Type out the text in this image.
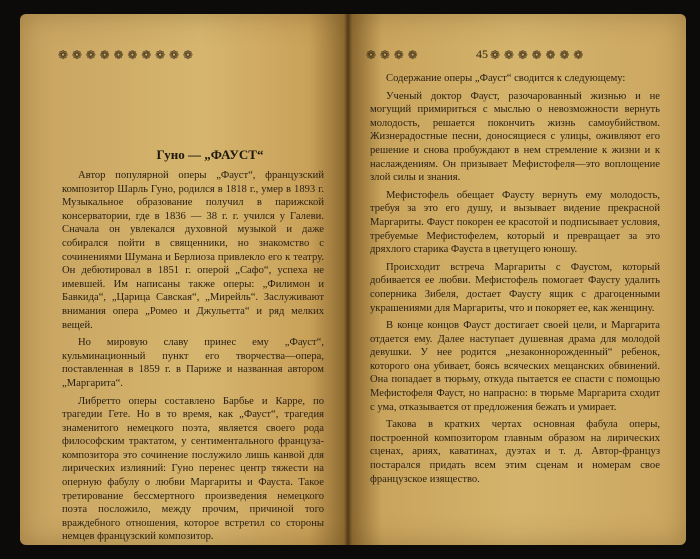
❁ ❁ ❁ ❁ ❁ ❁ ❁ ❁ ❁ ❁
Гуно — „ФАУСТ“

Автор популярной оперы „Фауст“, французский композитор Шарль Гуно, родился в 1818 г., умер в 1893 г. Музыкальное образование получил в парижской консерватории, где в 1836 — 38 г. г. учился у Галеви. Сначала он увлекался духовной музыкой и даже собирался пойти в священники, но знакомство с сочинениями Шумана и Берлиоза привлекло его к театру. Он дебютировал в 1851 г. оперой „Сафо“, успеха не имевшей. Им написаны также оперы: „Филимон и Бавкида“, „Царица Савская“, „Мирейль“. Заслуживают внимания опера „Ромео и Джульетта“ и ряд мелких вещей.

Но мировую славу принес ему „Фауст“, кульминационный пункт его творчества—опера, поставленная в 1859 г. в Париже и названная автором „Маргарита“.

Либретто оперы составлено Барбье и Карре, по трагедии Гете. Но в то время, как „Фауст“, трагедия знаменитого немецкого поэта, является своего рода философским трактатом, у сентиментального француза-композитора это сочинение послужило лишь канвой для лирических излияний: Гуно перенес центр тяжести на оперную фабулу о любви Маргариты и Фауста. Такое третирование бессмертного произведения немецкого поэта посложило, между прочим, причиной того враждебного отношения, которое встретил со стороны немцев французский композитор.

❁ ❁ ❁ ❁	45 ❁ ❁ ❁ ❁ ❁ ❁ ❁

Содержание оперы „Фауст“ сводится к следующему:

Ученый доктор Фауст, разочарованный жизнью и не могущий примириться с мыслью о невозможности вернуть молодость, решается покончить жизнь самоубийством. Жизнерадостные песни, доносящиеся с улицы, оживляют его решение и снова пробуждают в нем стремление к жизни и к наслаждениям. Он призывает Мефистофеля—это воплощение злой силы и знания.

Мефистофель обещает Фаусту вернуть ему молодость, требуя за это его душу, и вызывает видение прекрасной Маргариты. Фауст покорен ее красотой и подписывает условия, требуемые Мефистофелем, который и превращает за это дряхлого старика Фауста в цветущего юношу.

Происходит встреча Маргариты с Фаустом, который добивается ее любви. Мефистофель помогает Фаусту удалить соперника Зибеля, достает Фаусту ящик с драгоценными украшениями для Маргариты, что и покоряет ее, как женщину.

В конце концов Фауст достигает своей цели, и Маргарита отдается ему. Далее наступает душевная драма для молодой девушки. У нее родится „незаконнорожденный“ ребенок, которого она убивает, боясь всяческих мещанских обвинений. Она попадает в тюрьму, откуда пытается ее спасти с помощью Мефистофеля Фауст, но напрасно: в тюрьме Маргарита сходит с ума, отказывается от предложения бежать и умирает.

Такова в кратких чертах основная фабула оперы, построенной композитором главным образом на лирических сценах, ариях, каватинах, дуэтах и т. д. Автор-француз постарался придать всем этим сценам и номерам свое французское изящество.
